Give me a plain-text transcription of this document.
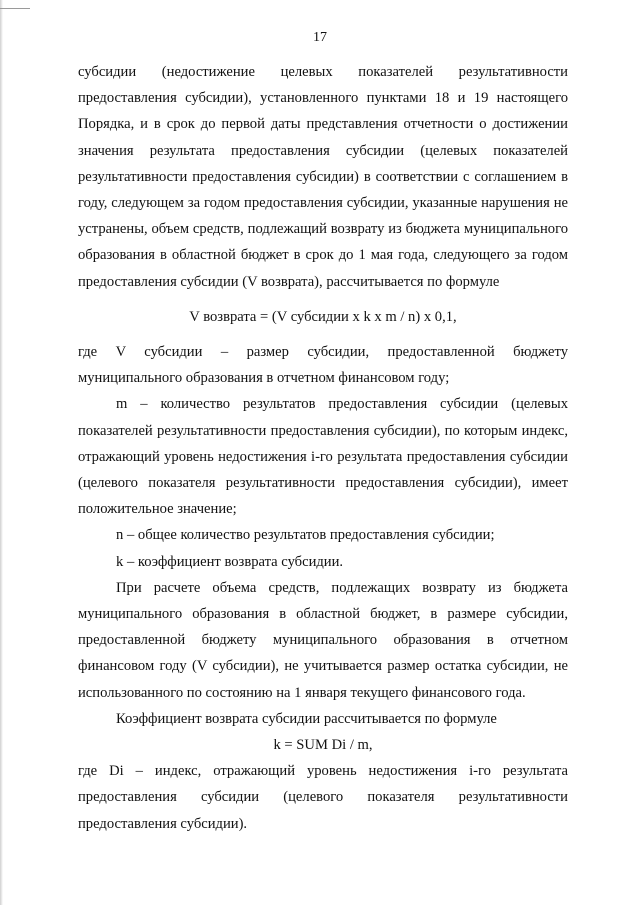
17

субсидии (недостижение целевых показателей результативности предоставления субсидии), установленного пунктами 18 и 19 настоящего Порядка, и в срок до первой даты представления отчетности о достижении значения результата предоставления субсидии (целевых показателей результативности предоставления субсидии) в соответствии с соглашением в году, следующем за годом предоставления субсидии, указанные нарушения не устранены, объем средств, подлежащий возврату из бюджета муниципального образования в областной бюджет в срок до 1 мая года, следующего за годом предоставления субсидии (V возврата), рассчитывается по формуле

V возврата = (V субсидии x k x m / n) x 0,1,

где V субсидии – размер субсидии, предоставленной бюджету муниципального образования в отчетном финансовом году;

m – количество результатов предоставления субсидии (целевых показателей результативности предоставления субсидии), по которым индекс, отражающий уровень недостижения i-го результата предоставления субсидии (целевого показателя результативности предоставления субсидии), имеет положительное значение;

n – общее количество результатов предоставления субсидии;

k – коэффициент возврата субсидии.

При расчете объема средств, подлежащих возврату из бюджета муниципального образования в областной бюджет, в размере субсидии, предоставленной бюджету муниципального образования в отчетном финансовом году (V субсидии), не учитывается размер остатка субсидии, не использованного по состоянию на 1 января текущего финансового года.

Коэффициент возврата субсидии рассчитывается по формуле

k = SUM Di / m,

где Di – индекс, отражающий уровень недостижения i-го результата предоставления субсидии (целевого показателя результативности предоставления субсидии).
